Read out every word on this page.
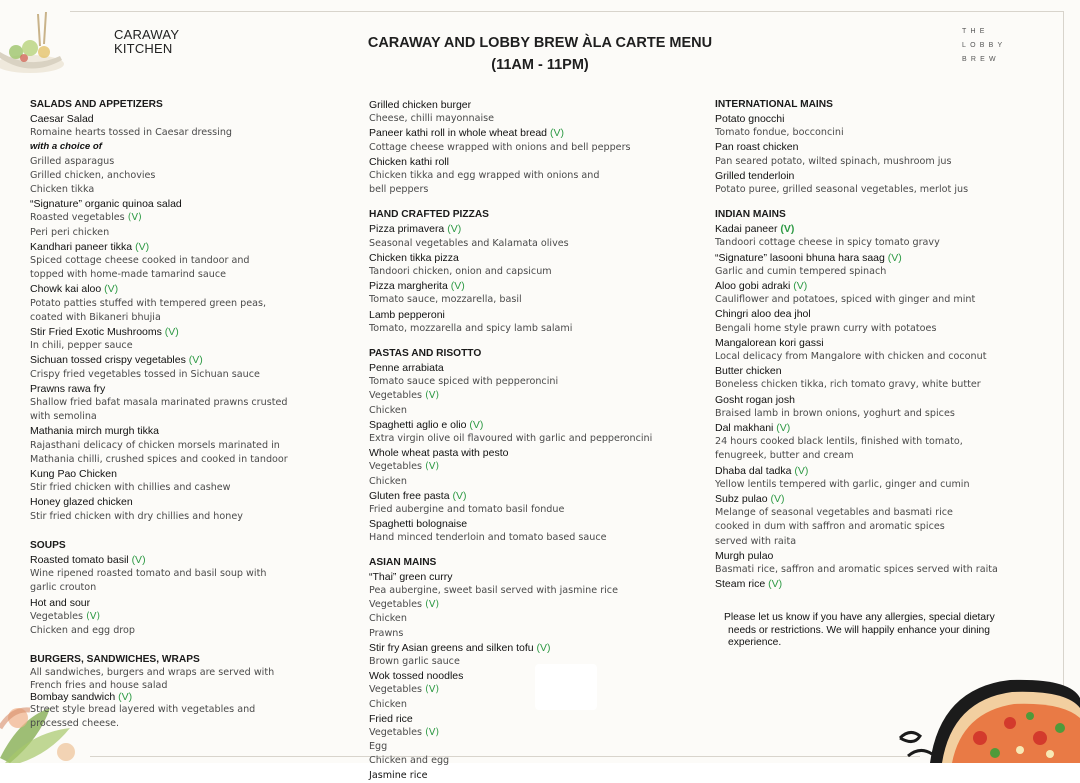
CARAWAY
KITCHEN
THE
LOBBY
BREW
CARAWAY AND LOBBY BREW ÀLA CARTE MENU
(11AM - 11PM)
SALADS AND APPETIZERS
Caesar Salad
Romaine hearts tossed in Caesar dressing
with a choice of
Grilled asparagus
Grilled chicken, anchovies
Chicken tikka
“Signature” organic quinoa salad
Roasted vegetables (V)
Peri peri chicken
Kandhari paneer tikka (V)
Spiced cottage cheese cooked in tandoor and
topped with home-made tamarind sauce
Chowk kai aloo (V)
Potato patties stuffed with tempered green peas,
coated with Bikaneri bhujia
Stir Fried Exotic Mushrooms (V)
In chili, pepper sauce
Sichuan tossed crispy vegetables (V)
Crispy fried vegetables tossed in Sichuan sauce
Prawns rawa fry
Shallow fried bafat masala marinated prawns crusted
with semolina
Mathania mirch murgh tikka
Rajasthani delicacy of chicken morsels marinated in
Mathania chilli, crushed spices and cooked in tandoor
Kung Pao Chicken
Stir fried chicken with chillies and cashew
Honey glazed chicken
Stir fried chicken with dry chillies and honey
SOUPS
Roasted tomato basil (V)
Wine ripened roasted tomato and basil soup with
garlic crouton
Hot and sour
Vegetables (V)
Chicken and egg drop
BURGERS, SANDWICHES, WRAPS
All sandwiches, burgers and wraps are served with
French fries and house salad
Bombay sandwich (V)
Street style bread layered with vegetables and
processed cheese.
Grilled chicken burger
Cheese, chilli mayonnaise
Paneer kathi roll in whole wheat bread (V)
Cottage cheese wrapped with onions and bell peppers
Chicken kathi roll
Chicken tikka and egg wrapped with onions and
bell peppers
HAND CRAFTED PIZZAS
Pizza primavera (V)
Seasonal vegetables and Kalamata olives
Chicken tikka pizza
Tandoori chicken, onion and capsicum
Pizza margherita (V)
Tomato sauce, mozzarella, basil
Lamb pepperoni
Tomato, mozzarella and spicy lamb salami
PASTAS AND RISOTTO
Penne arrabiata
Tomato sauce spiced with pepperoncini
Vegetables (V)
Chicken
Spaghetti aglio e olio (V)
Extra virgin olive oil flavoured with garlic and pepperoncini
Whole wheat pasta with pesto
Vegetables (V)
Chicken
Gluten free pasta (V)
Fried aubergine and tomato basil fondue
Spaghetti bolognaise
Hand minced tenderloin and tomato based sauce
ASIAN MAINS
“Thai” green curry
Pea aubergine, sweet basil served with jasmine rice
Vegetables (V)
Chicken
Prawns
Stir fry Asian greens and silken tofu (V)
Brown garlic sauce
Wok tossed noodles
Vegetables (V)
Chicken
Fried rice
Vegetables (V)
Egg
Chicken and egg
Jasmine rice
INTERNATIONAL MAINS
Potato gnocchi
Tomato fondue, bocconcini
Pan roast chicken
Pan seared potato, wilted spinach, mushroom jus
Grilled tenderloin
Potato puree, grilled seasonal vegetables, merlot jus
INDIAN MAINS
Kadai paneer (V)
Tandoori cottage cheese in spicy tomato gravy
“Signature” lasooni bhuna hara saag (V)
Garlic and cumin tempered spinach
Aloo gobi adraki (V)
Cauliflower and potatoes, spiced with ginger and mint
Chingri aloo dea jhol
Bengali home style prawn curry with potatoes
Mangalorean kori gassi
Local delicacy from Mangalore with chicken and coconut
Butter chicken
Boneless chicken tikka, rich tomato gravy, white butter
Gosht rogan josh
Braised lamb in brown onions, yoghurt and spices
Dal makhani (V)
24 hours cooked black lentils, finished with tomato,
fenugreek, butter and cream
Dhaba dal tadka (V)
Yellow lentils tempered with garlic, ginger and cumin
Subz pulao (V)
Melange of seasonal vegetables and basmati rice
cooked in dum with saffron and aromatic spices
served with raita
Murgh pulao
Basmati rice, saffron and aromatic spices served with raita
Steam rice (V)
Please let us know if you have any allergies, special dietary
needs or restrictions. We will happily enhance your dining
experience.
